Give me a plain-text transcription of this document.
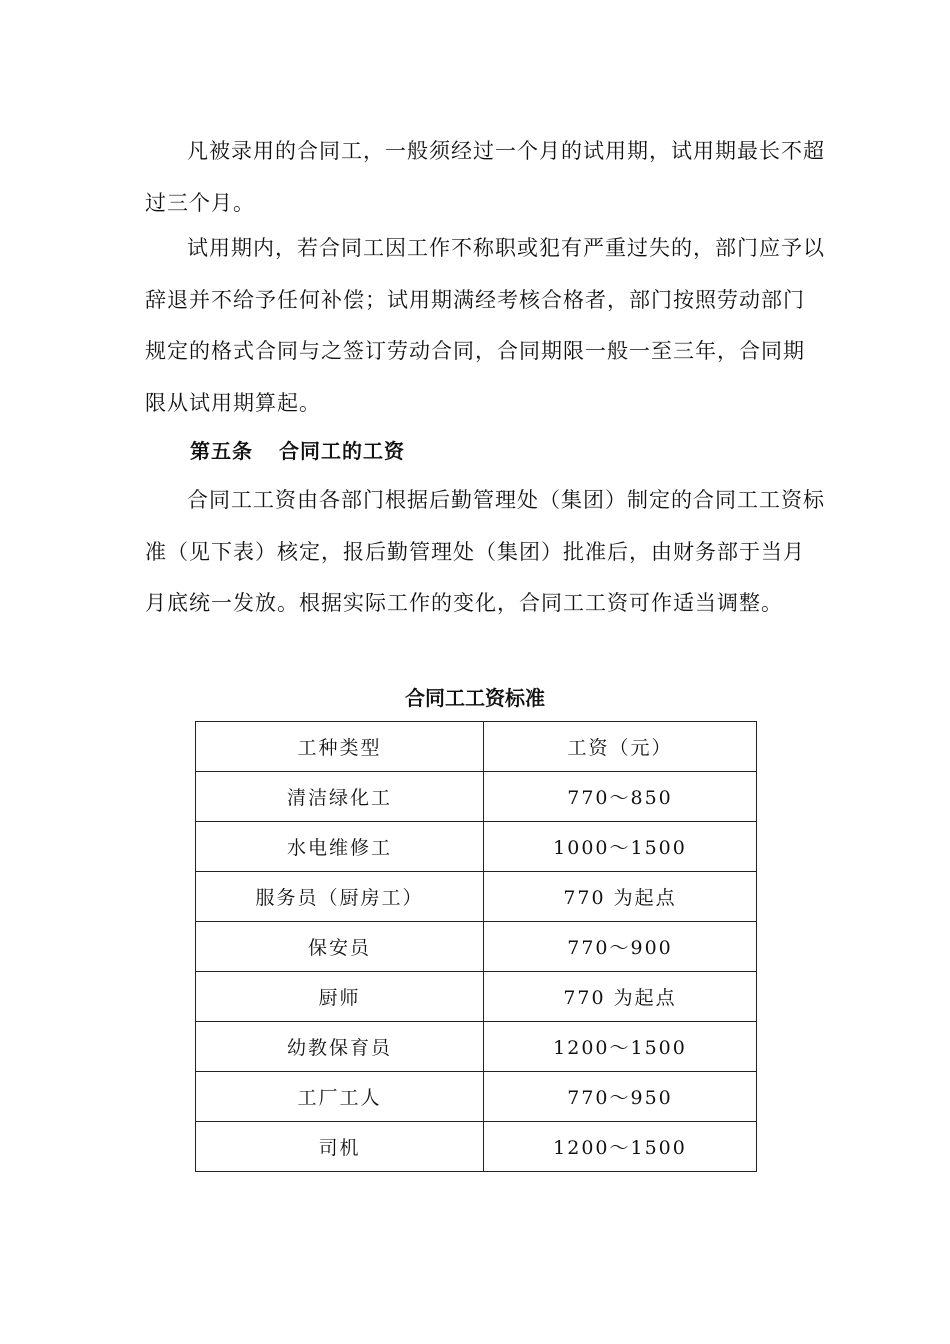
凡被录用的合同工，一般须经过一个月的试用期，试用期最长不超过三个月。

试用期内，若合同工因工作不称职或犯有严重过失的，部门应予以辞退并不给予任何补偿；试用期满经考核合格者，部门按照劳动部门规定的格式合同与之签订劳动合同，合同期限一般一至三年，合同期限从试用期算起。

第五条 合同工的工资

合同工工资由各部门根据后勤管理处（集团）制定的合同工工资标准（见下表）核定，报后勤管理处（集团）批准后，由财务部于当月月底统一发放。根据实际工作的变化，合同工工资可作适当调整。

合同工工资标准
工种类型	工资（元）
清洁绿化工	770～850
水电维修工	1000～1500
服务员（厨房工）	770 为起点
保安员	770～900
厨师	770 为起点
幼教保育员	1200～1500
工厂工人	770～950
司机	1200～1500
